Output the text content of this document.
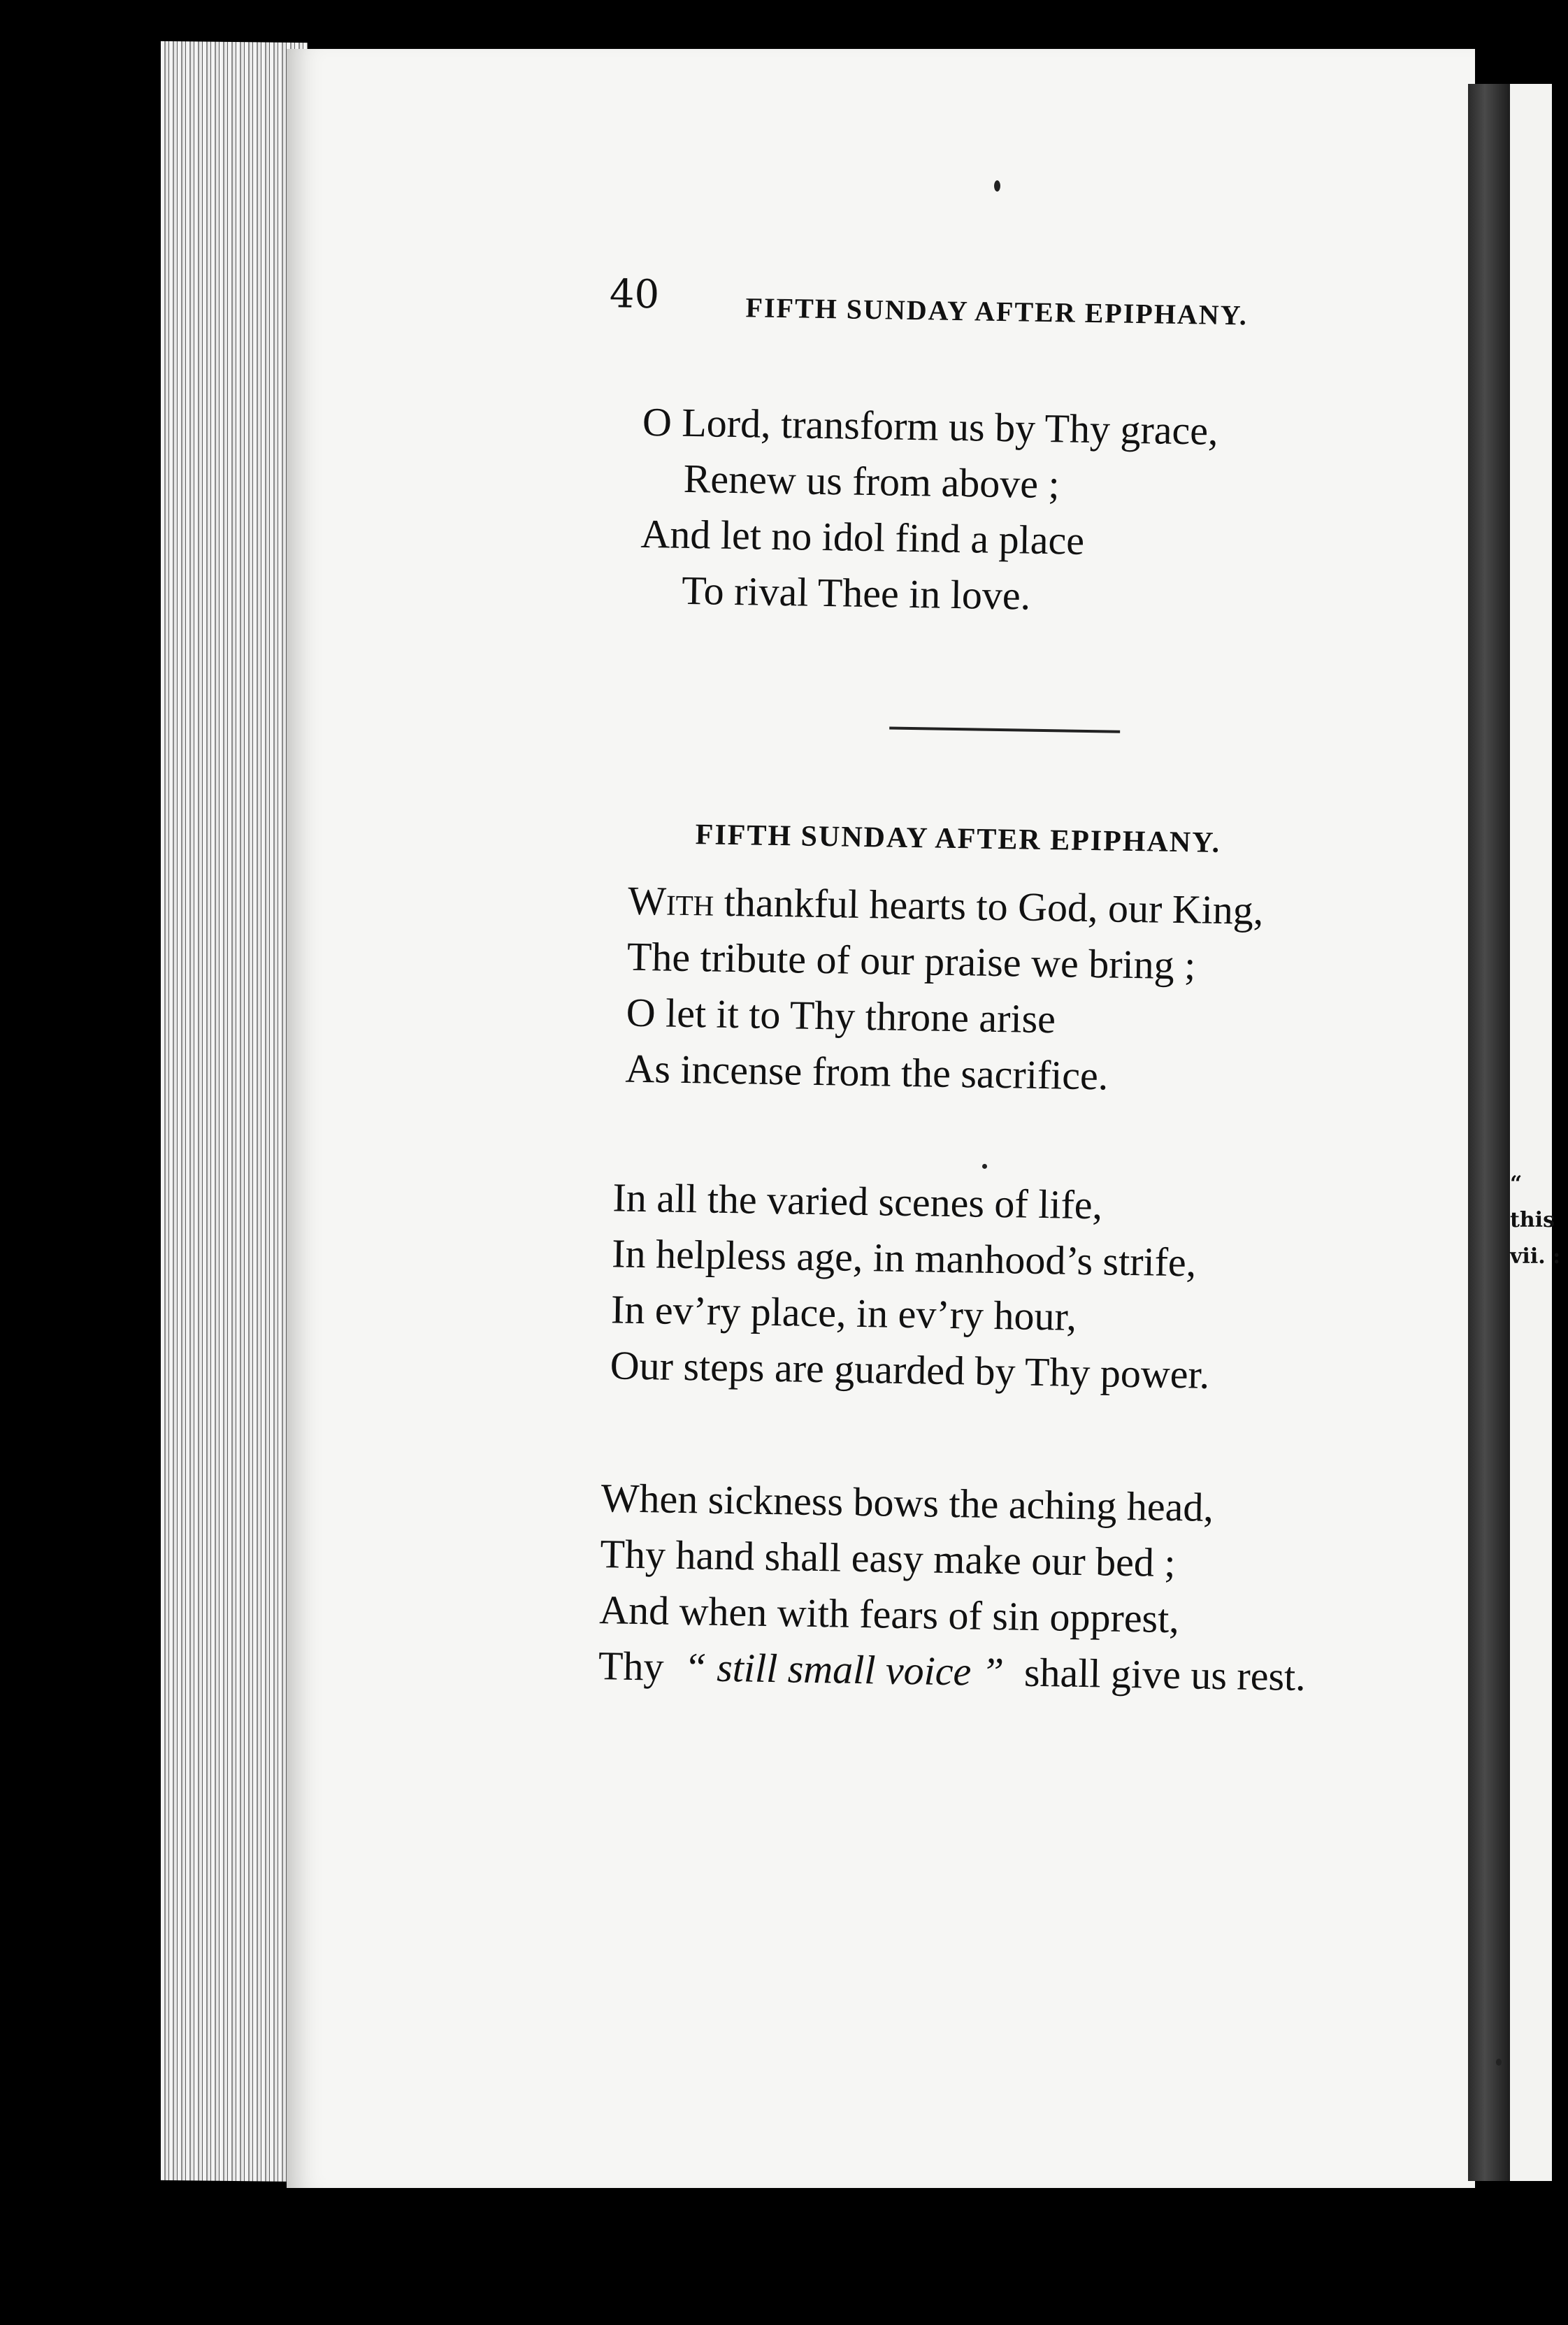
“
this
vii. :
40	FIFTH SUNDAY AFTER EPIPHANY.
O Lord, transform us by Thy grace,
Renew us from above ;
And let no idol find a place
To rival Thee in love.
FIFTH SUNDAY AFTER EPIPHANY.
With thankful hearts to God, our King,
The tribute of our praise we bring ;
O let it to Thy throne arise
As incense from the sacrifice.
In all the varied scenes of life,
In helpless age, in manhood’s strife,
In ev’ry place, in ev’ry hour,
Our steps are guarded by Thy power.
When sickness bows the aching head,
Thy hand shall easy make our bed ;
And when with fears of sin opprest,
Thy “ still small voice ” shall give us rest.
